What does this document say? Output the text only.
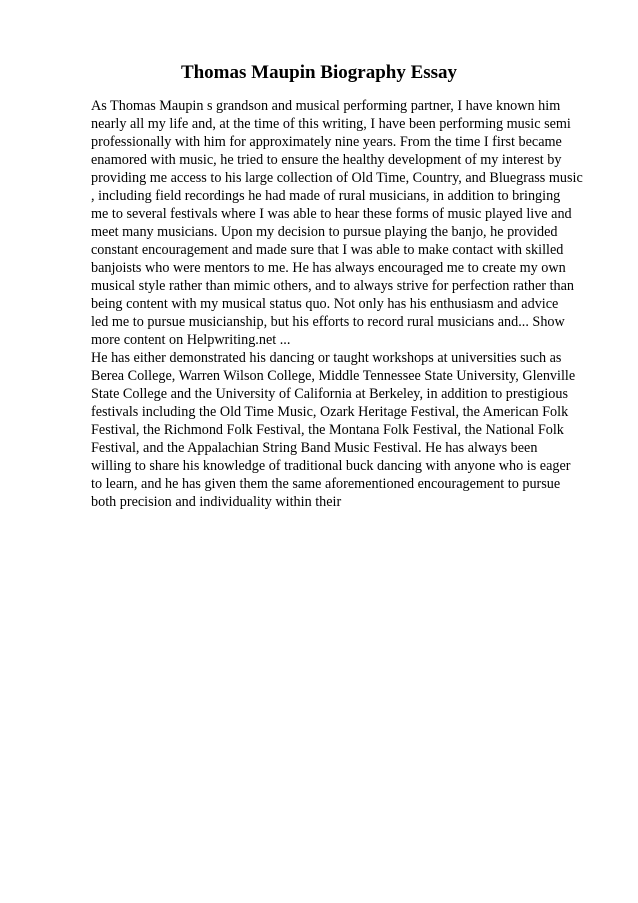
Thomas Maupin Biography Essay
As Thomas Maupin s grandson and musical performing partner, I have known him
nearly all my life and, at the time of this writing, I have been performing music semi
professionally with him for approximately nine years. From the time I first became
enamored with music, he tried to ensure the healthy development of my interest by
providing me access to his large collection of Old Time, Country, and Bluegrass music
, including field recordings he had made of rural musicians, in addition to bringing
me to several festivals where I was able to hear these forms of music played live and
meet many musicians. Upon my decision to pursue playing the banjo, he provided
constant encouragement and made sure that I was able to make contact with skilled
banjoists who were mentors to me. He has always encouraged me to create my own
musical style rather than mimic others, and to always strive for perfection rather than
being content with my musical status quo. Not only has his enthusiasm and advice
led me to pursue musicianship, but his efforts to record rural musicians and... Show
more content on Helpwriting.net ...
He has either demonstrated his dancing or taught workshops at universities such as
Berea College, Warren Wilson College, Middle Tennessee State University, Glenville
State College and the University of California at Berkeley, in addition to prestigious
festivals including the Old Time Music, Ozark Heritage Festival, the American Folk
Festival, the Richmond Folk Festival, the Montana Folk Festival, the National Folk
Festival, and the Appalachian String Band Music Festival. He has always been
willing to share his knowledge of traditional buck dancing with anyone who is eager
to learn, and he has given them the same aforementioned encouragement to pursue
both precision and individuality within their
